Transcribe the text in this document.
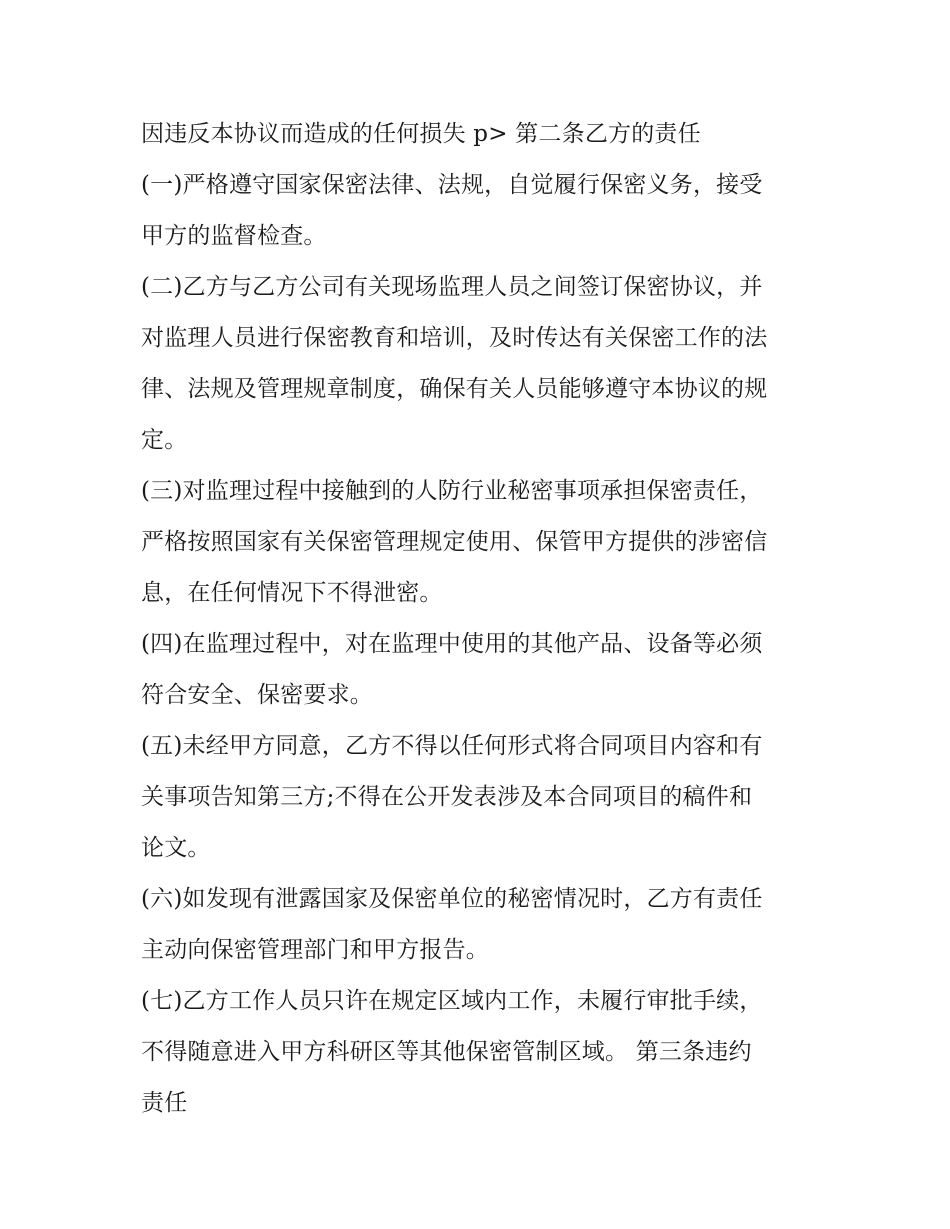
因违反本协议而造成的任何损失 p> 第二条乙方的责任
(一)严格遵守国家保密法律、法规，自觉履行保密义务，接受
甲方的监督检查。
(二)乙方与乙方公司有关现场监理人员之间签订保密协议，并
对监理人员进行保密教育和培训，及时传达有关保密工作的法
律、法规及管理规章制度，确保有关人员能够遵守本协议的规
定。
(三)对监理过程中接触到的人防行业秘密事项承担保密责任，
严格按照国家有关保密管理规定使用、保管甲方提供的涉密信
息，在任何情况下不得泄密。
(四)在监理过程中，对在监理中使用的其他产品、设备等必须
符合安全、保密要求。
(五)未经甲方同意，乙方不得以任何形式将合同项目内容和有
关事项告知第三方;不得在公开发表涉及本合同项目的稿件和
论文。
(六)如发现有泄露国家及保密单位的秘密情况时，乙方有责任
主动向保密管理部门和甲方报告。
(七)乙方工作人员只许在规定区域内工作，未履行审批手续，
不得随意进入甲方科研区等其他保密管制区域。 第三条违约
责任
